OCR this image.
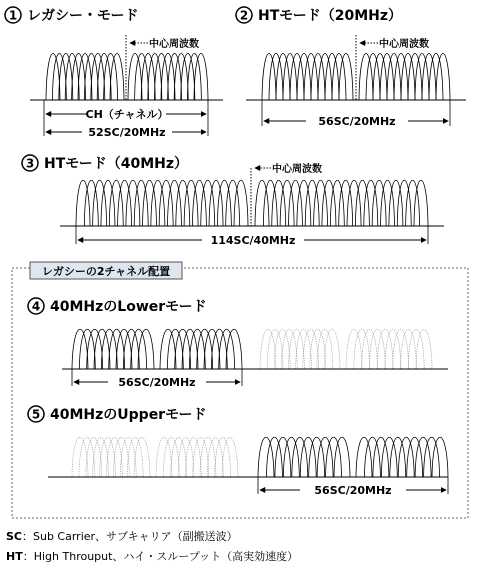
レガシーの2チャネル配置
1 レガシー・モード	2 HTモード（20MHz）
3 HTモード（40MHz）
4 40MHzのLowerモード
5 40MHzのUpperモード
中心周波数	中心周波数
中心周波数
CH（チャネル）
52SC/20MHz
56SC/20MHz
114SC/40MHz
56SC/20MHz
56SC/20MHz
SC：Sub Carrier、サブキャリア（副搬送波）
HT：High Throuput、ハイ・スループット（高実効速度）
